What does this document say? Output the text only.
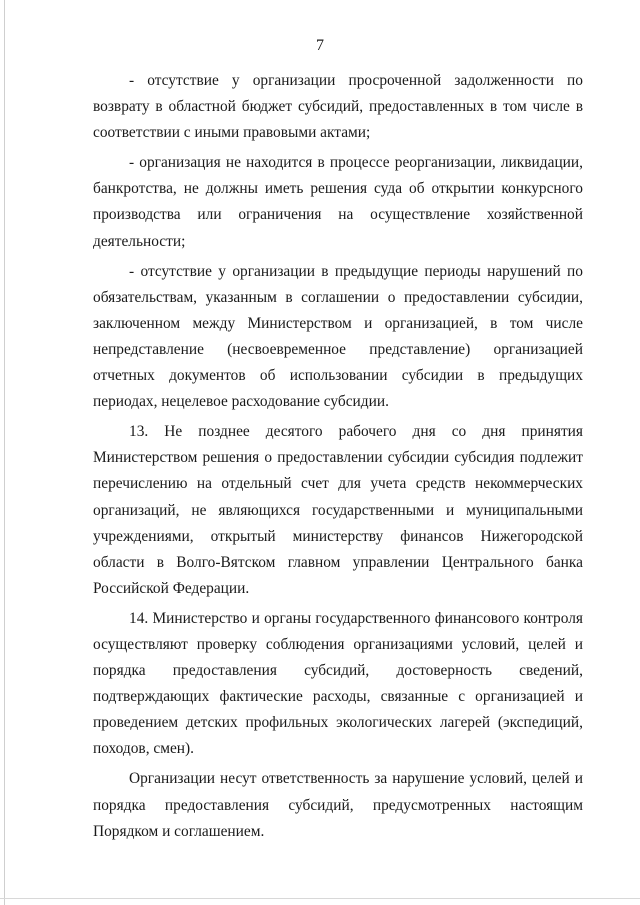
7

- отсутствие у организации просроченной задолженности по возврату в областной бюджет субсидий, предоставленных в том числе в соответствии с иными правовыми актами;

- организация не находится в процессе реорганизации, ликвидации, банкротства, не должны иметь решения суда об открытии конкурсного производства или ограничения на осуществление хозяйственной деятельности;

- отсутствие у организации в предыдущие периоды нарушений по обязательствам, указанным в соглашении о предоставлении субсидии, заключенном между Министерством и организацией, в том числе непредставление (несвоевременное представление) организацией отчетных документов об использовании субсидии в предыдущих периодах, нецелевое расходование субсидии.

13. Не позднее десятого рабочего дня со дня принятия Министерством решения о предоставлении субсидии субсидия подлежит перечислению на отдельный счет для учета средств некоммерческих организаций, не являющихся государственными и муниципальными учреждениями, открытый министерству финансов Нижегородской области в Волго-Вятском главном управлении Центрального банка Российской Федерации.

14. Министерство и органы государственного финансового контроля осуществляют проверку соблюдения организациями условий, целей и порядка предоставления субсидий, достоверность сведений, подтверждающих фактические расходы, связанные с организацией и проведением детских профильных экологических лагерей (экспедиций, походов, смен).

Организации несут ответственность за нарушение условий, целей и порядка предоставления субсидий, предусмотренных настоящим Порядком и соглашением.
